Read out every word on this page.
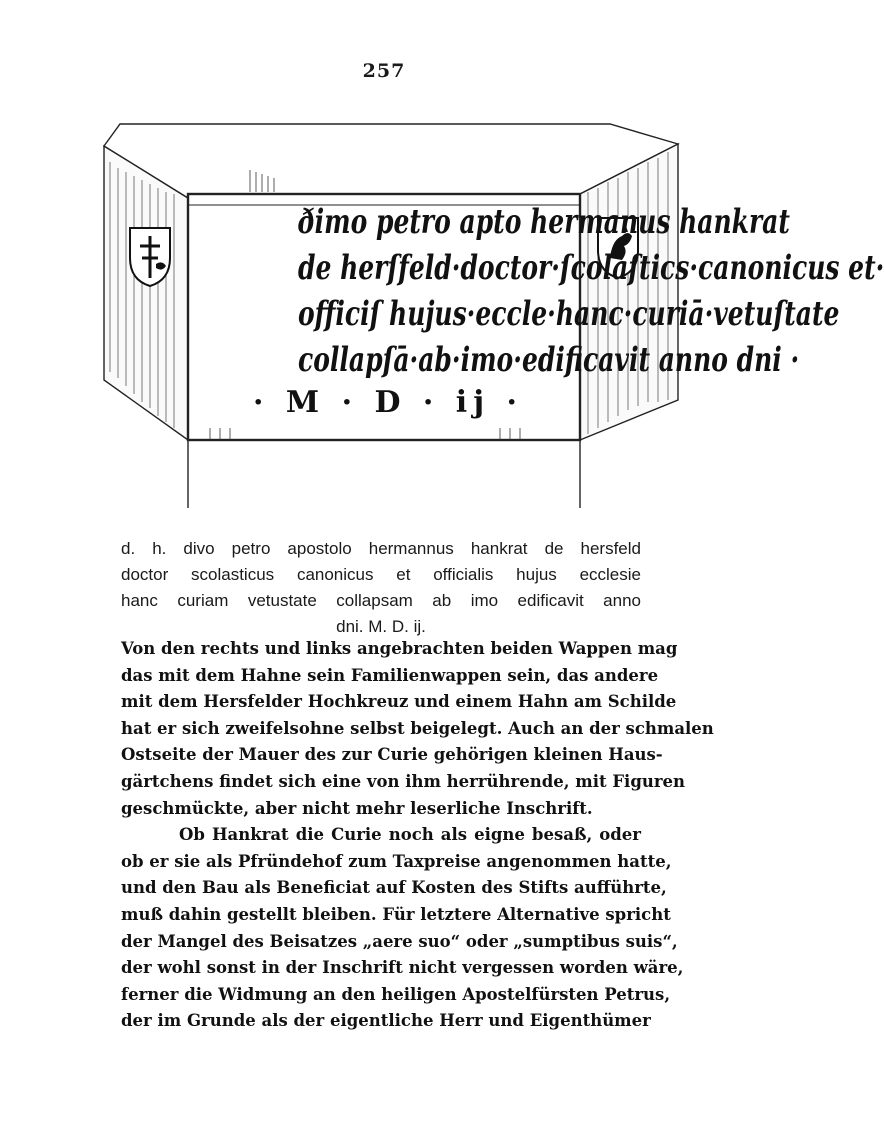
257
ðimo petro apto hermanus hankrat
de herſfeld·doctor·ſcolaſtics·canonicus et·
officiſ hujus·eccle·hanc·curiā·vetuſtate
collapſā·ab·imo·edificavit anno dni ·
· M · D · ij ·
d. h. divo petro apostolo hermannus hankrat de hersfeld
doctor scolasticus canonicus et officialis hujus ecclesie
hanc curiam vetustate collapsam ab imo edificavit anno
dni. M. D. ij.
Von den rechts und links angebrachten beiden Wappen mag
das mit dem Hahne sein Familienwappen sein, das andere
mit dem Hersfelder Hochkreuz und einem Hahn am Schilde
hat er sich zweifelsohne selbst beigelegt. Auch an der schmalen
Ostseite der Mauer des zur Curie gehörigen kleinen Haus-
gärtchens findet sich eine von ihm herrührende, mit Figuren
geschmückte, aber nicht mehr leserliche Inschrift.
Ob Hankrat die Curie noch als eigne besaß, oder
ob er sie als Pfründehof zum Taxpreise angenommen hatte,
und den Bau als Beneficiat auf Kosten des Stifts aufführte,
muß dahin gestellt bleiben. Für letztere Alternative spricht
der Mangel des Beisatzes „aere suo“ oder „sumptibus suis“,
der wohl sonst in der Inschrift nicht vergessen worden wäre,
ferner die Widmung an den heiligen Apostelfürsten Petrus,
der im Grunde als der eigentliche Herr und Eigenthümer
